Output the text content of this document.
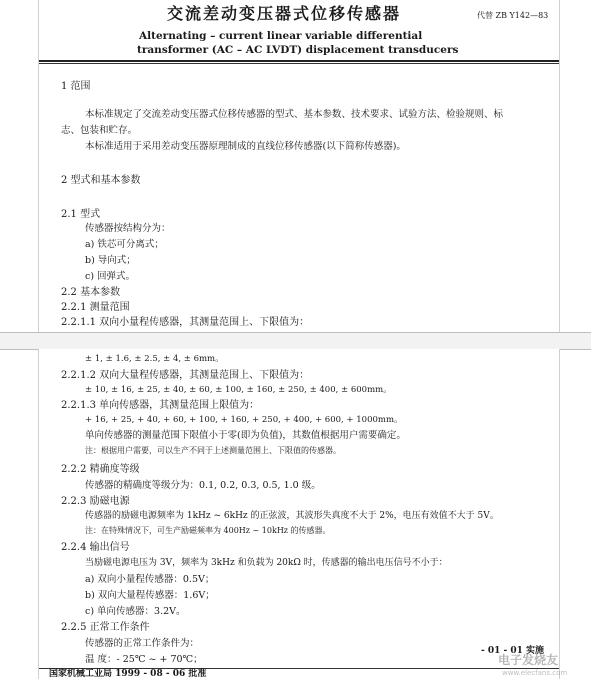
交流差动变压器式位移传感器	代替 ZB Y142—83
Alternating – current linear variable differential
transformer (AC – AC LVDT) displacement transducers
1 范围
本标准规定了交流差动变压器式位移传感器的型式、基本参数、技术要求、试验方法、检验规则、标
志、包装和贮存。
本标准适用于采用差动变压器原理制成的直线位移传感器(以下简称传感器)。
2 型式和基本参数
2.1 型式
传感器按结构分为：
a) 铁芯可分离式；
b) 导向式；
c) 回弹式。
2.2 基本参数
2.2.1 测量范围
2.2.1.1 双向小量程传感器，其测量范围上、下限值为：
± 1, ± 1.6, ± 2.5, ± 4, ± 6mm。
2.2.1.2 双向大量程传感器，其测量范围上、下限值为：
± 10, ± 16, ± 25, ± 40, ± 60, ± 100, ± 160, ± 250, ± 400, ± 600mm。
2.2.1.3 单向传感器，其测量范围上限值为：
+ 16, + 25, + 40, + 60, + 100, + 160, + 250, + 400, + 600, + 1000mm。
单向传感器的测量范围下限值小于零(即为负值)，其数值根据用户需要确定。
注：根据用户需要，可以生产不同于上述测量范围上、下限值的传感器。
2.2.2 精确度等级
传感器的精确度等级分为：0.1, 0.2, 0.3, 0.5, 1.0 级。
2.2.3 励磁电源
传感器的励磁电源频率为 1kHz ~ 6kHz 的正弦波，其波形失真度不大于 2%，电压有效值不大于 5V。
注：在特殊情况下，可生产励磁频率为 400Hz ~ 10kHz 的传感器。
2.2.4 输出信号
当励磁电源电压为 3V，频率为 3kHz 和负载为 20kΩ 时，传感器的输出电压信号不小于：
a) 双向小量程传感器：0.5V；
b) 双向大量程传感器：1.6V；
c) 单向传感器：3.2V。
2.2.5 正常工作条件
传感器的正常工作条件为：
温 度：- 25℃ ~ + 70℃；
国家机械工业局 1999 - 08 - 06 批准
- 01 - 01 实施
电子发烧友
www.elecfans.com
